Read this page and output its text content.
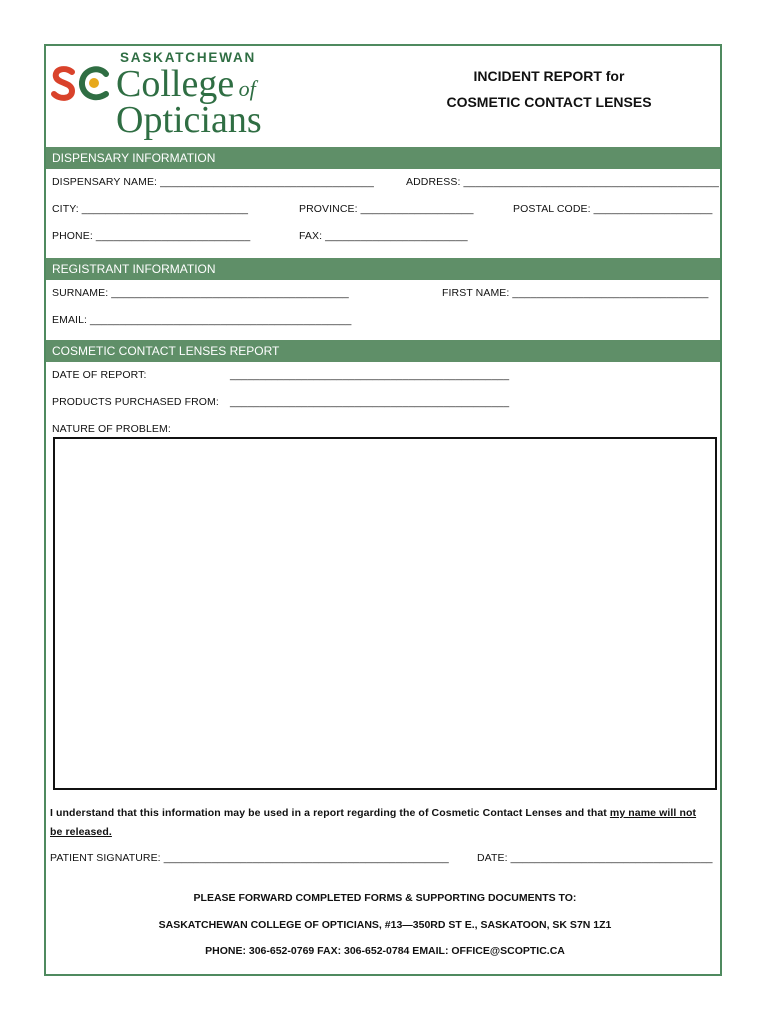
SASKATCHEWAN
College of
Opticians
INCIDENT REPORT for
COSMETIC CONTACT LENSES
DISPENSARY INFORMATION
DISPENSARY NAME: ____________________________________	ADDRESS: ___________________________________________
CITY: ____________________________	PROVINCE: ___________________	POSTAL CODE: ____________________
PHONE: __________________________	FAX: ________________________
REGISTRANT INFORMATION
SURNAME: ________________________________________	FIRST NAME: _________________________________
EMAIL: ____________________________________________
COSMETIC CONTACT LENSES REPORT
DATE OF REPORT:	_______________________________________________
PRODUCTS PURCHASED FROM: _______________________________________________
NATURE OF PROBLEM:
I understand that this information may be used in a report regarding the of Cosmetic Contact Lenses and that my name will not
be released.
PATIENT SIGNATURE: ________________________________________________	DATE: __________________________________
PLEASE FORWARD COMPLETED FORMS & SUPPORTING DOCUMENTS TO:
SASKATCHEWAN COLLEGE OF OPTICIANS, #13—350RD ST E., SASKATOON, SK S7N 1Z1
PHONE: 306-652-0769 FAX: 306-652-0784 EMAIL: OFFICE@SCOPTIC.CA
